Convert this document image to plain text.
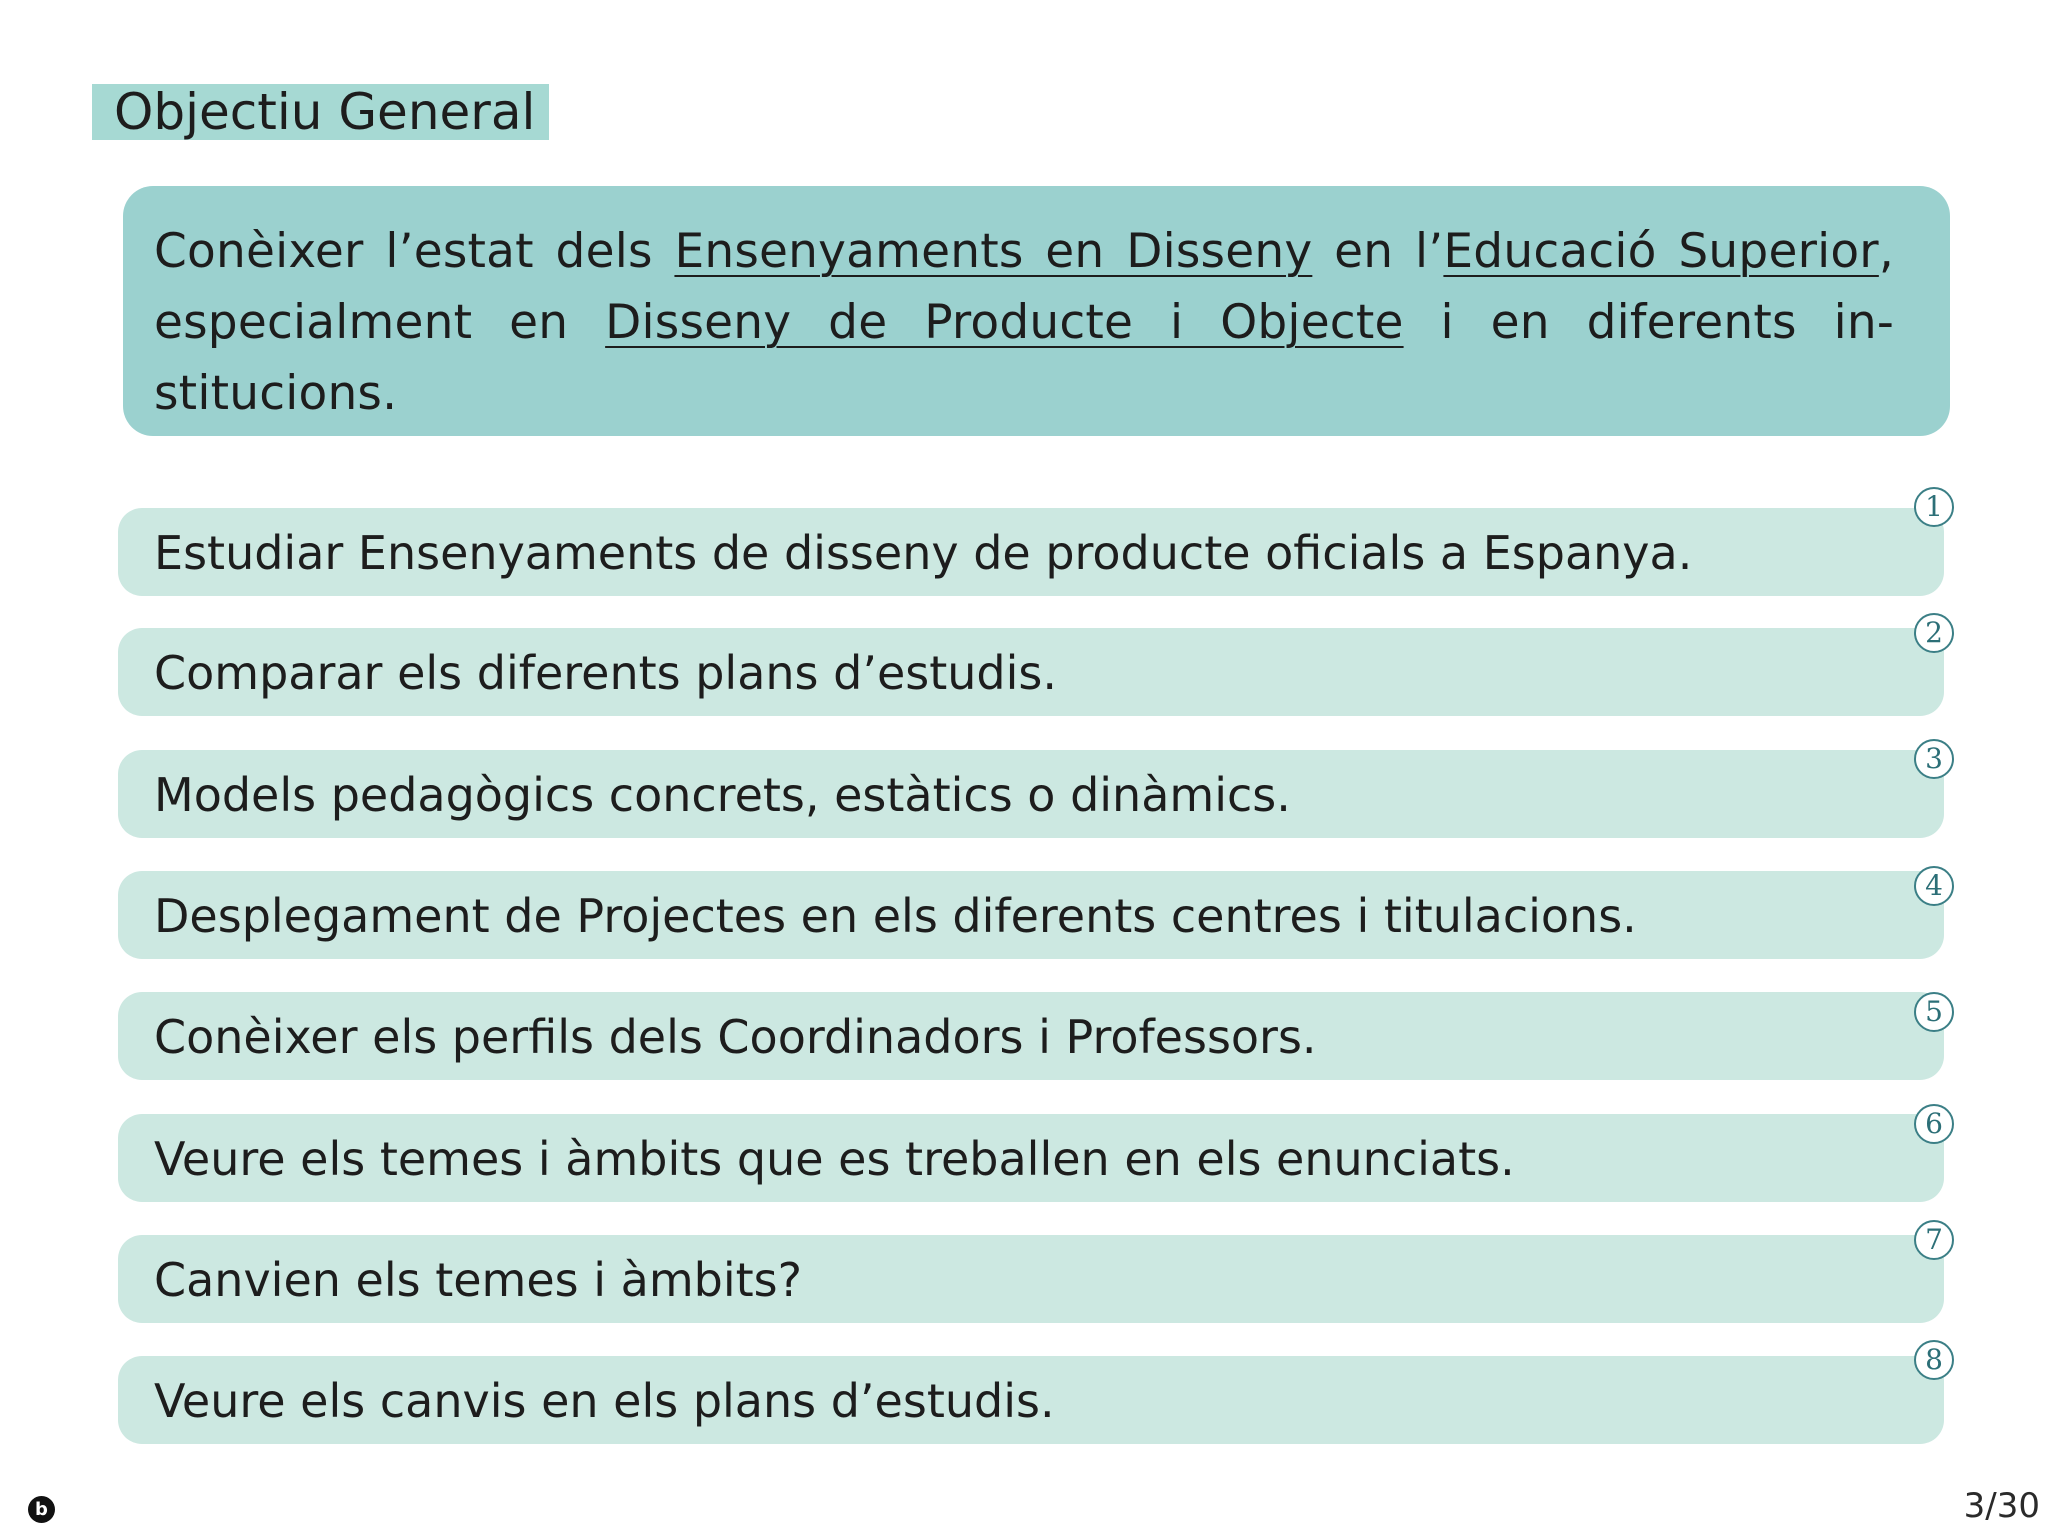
Objectiu General

Conèixer l’estat dels Ensenyaments en Disseny en l’Educació Superior, especialment en Disseny de Producte i Objecte i en diferents in-stitucions.

Estudiar Ensenyaments de disseny de producte oficials a Espanya.
1
Comparar els diferents plans d’estudis.
2
Models pedagògics concrets, estàtics o dinàmics.
3
Desplegament de Projectes en els diferents centres i titulacions.
4
Conèixer els perfils dels Coordinadors i Professors.	5
Veure els temes i àmbits que es treballen en els enunciats.
6
Canvien els temes i àmbits?
7
Veure els canvis en els plans d’estudis.
8
b	3/30
